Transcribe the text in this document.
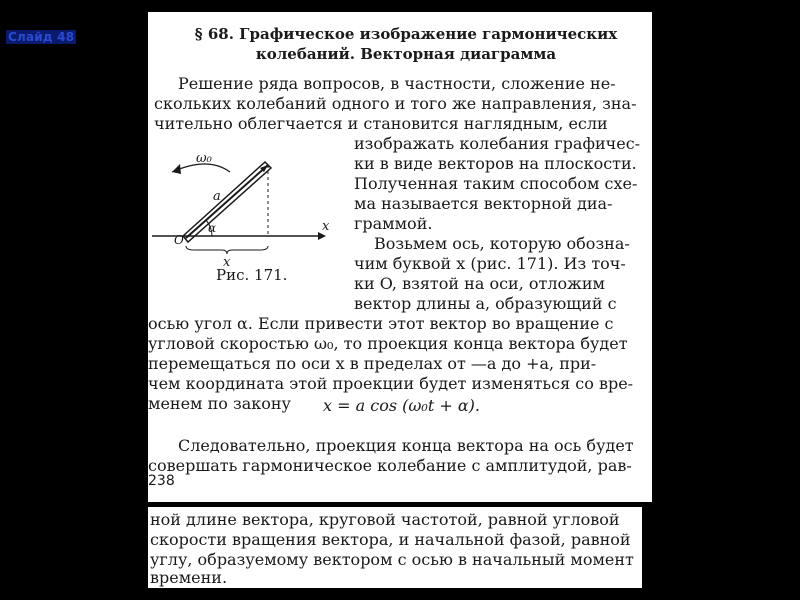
Слайд 48	§ 68. Графическое изображение гармонических
колебаний. Векторная диаграмма
Решение ряда вопросов, в частности, сложение не-
скольких колебаний одного и того же направления, зна-
чительно облегчается и становится наглядным, если
изображать колебания графичес-
ки в виде векторов на плоскости.
Полученная таким способом схе-
ма называется векторной диа-
граммой.
Возьмем ось, которую обозна-
чим буквой x (рис. 171). Из точ-
ки O, взятой на оси, отложим
вектор длины a, образующий с
осью угол α. Если привести этот вектор во вращение с
угловой скоростью ω₀, то проекция конца вектора будет
перемещаться по оси x в пределах от —a до +a, при-
чем координата этой проекции будет изменяться со вре-
менем по закону x = a cos (ω₀t + α).
Следовательно, проекция конца вектора на ось будет
совершать гармоническое колебание с амплитудой, рав-
238
ω₀
a
α
O
x
x
Рис. 171.
ной длине вектора, круговой частотой, равной угловой
скорости вращения вектора, и начальной фазой, равной
углу, образуемому вектором с осью в начальный момент
времени.
